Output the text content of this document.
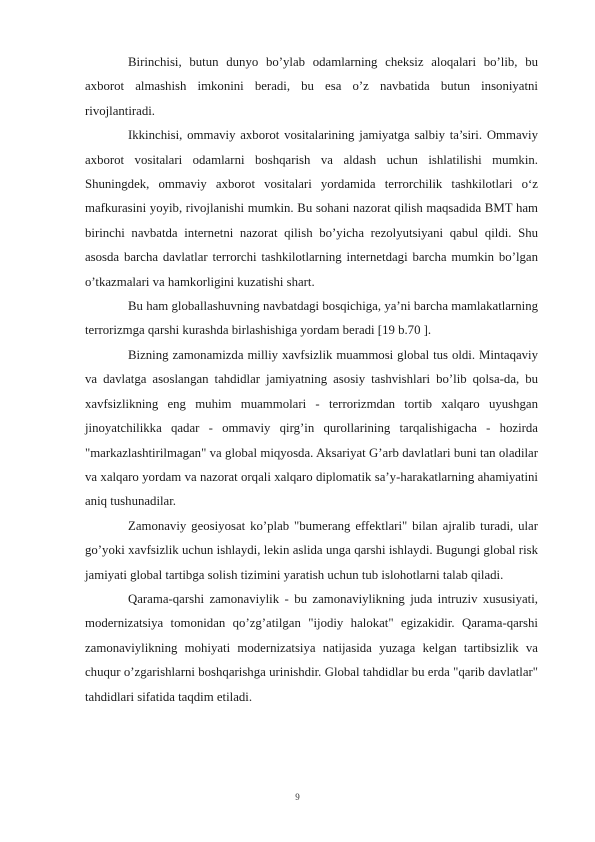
Birinchisi, butun dunyo bo’ylab odamlarning cheksiz aloqalari bo’lib, bu axborot almashish imkonini beradi, bu esa o’z navbatida butun insoniyatni rivojlantiradi.

Ikkinchisi, ommaviy axborot vositalarining jamiyatga salbiy ta’siri. Ommaviy axborot vositalari odamlarni boshqarish va aldash uchun ishlatilishi mumkin. Shuningdek, ommaviy axborot vositalari yordamida terrorchilik tashkilotlari o‘z mafkurasini yoyib, rivojlanishi mumkin. Bu sohani nazorat qilish maqsadida BMT ham birinchi navbatda internetni nazorat qilish bo’yicha rezolyutsiyani qabul qildi. Shu asosda barcha davlatlar terrorchi tashkilotlarning internetdagi barcha mumkin bo’lgan o’tkazmalari va hamkorligini kuzatishi shart.

Bu ham globallashuvning navbatdagi bosqichiga, ya’ni barcha mamlakatlarning terrorizmga qarshi kurashda birlashishiga yordam beradi [19 b.70 ].

Bizning zamonamizda milliy xavfsizlik muammosi global tus oldi. Mintaqaviy va davlatga asoslangan tahdidlar jamiyatning asosiy tashvishlari bo’lib qolsa-da, bu xavfsizlikning eng muhim muammolari - terrorizmdan tortib xalqaro uyushgan jinoyatchilikka qadar - ommaviy qirg’in qurollarining tarqalishigacha - hozirda "markazlashtirilmagan" va global miqyosda. Aksariyat G’arb davlatlari buni tan oladilar va xalqaro yordam va nazorat orqali xalqaro diplomatik sa’y-harakatlarning ahamiyatini aniq tushunadilar.

Zamonaviy geosiyosat ko’plab "bumerang effektlari" bilan ajralib turadi, ular go’yoki xavfsizlik uchun ishlaydi, lekin aslida unga qarshi ishlaydi. Bugungi global risk jamiyati global tartibga solish tizimini yaratish uchun tub islohotlarni talab qiladi.

Qarama-qarshi zamonaviylik - bu zamonaviylikning juda intruziv xususiyati, modernizatsiya tomonidan qo’zg’atilgan "ijodiy halokat" egizakidir. Qarama-qarshi zamonaviylikning mohiyati modernizatsiya natijasida yuzaga kelgan tartibsizlik va chuqur o’zgarishlarni boshqarishga urinishdir. Global tahdidlar bu erda "qarib davlatlar" tahdidlari sifatida taqdim etiladi.

9
